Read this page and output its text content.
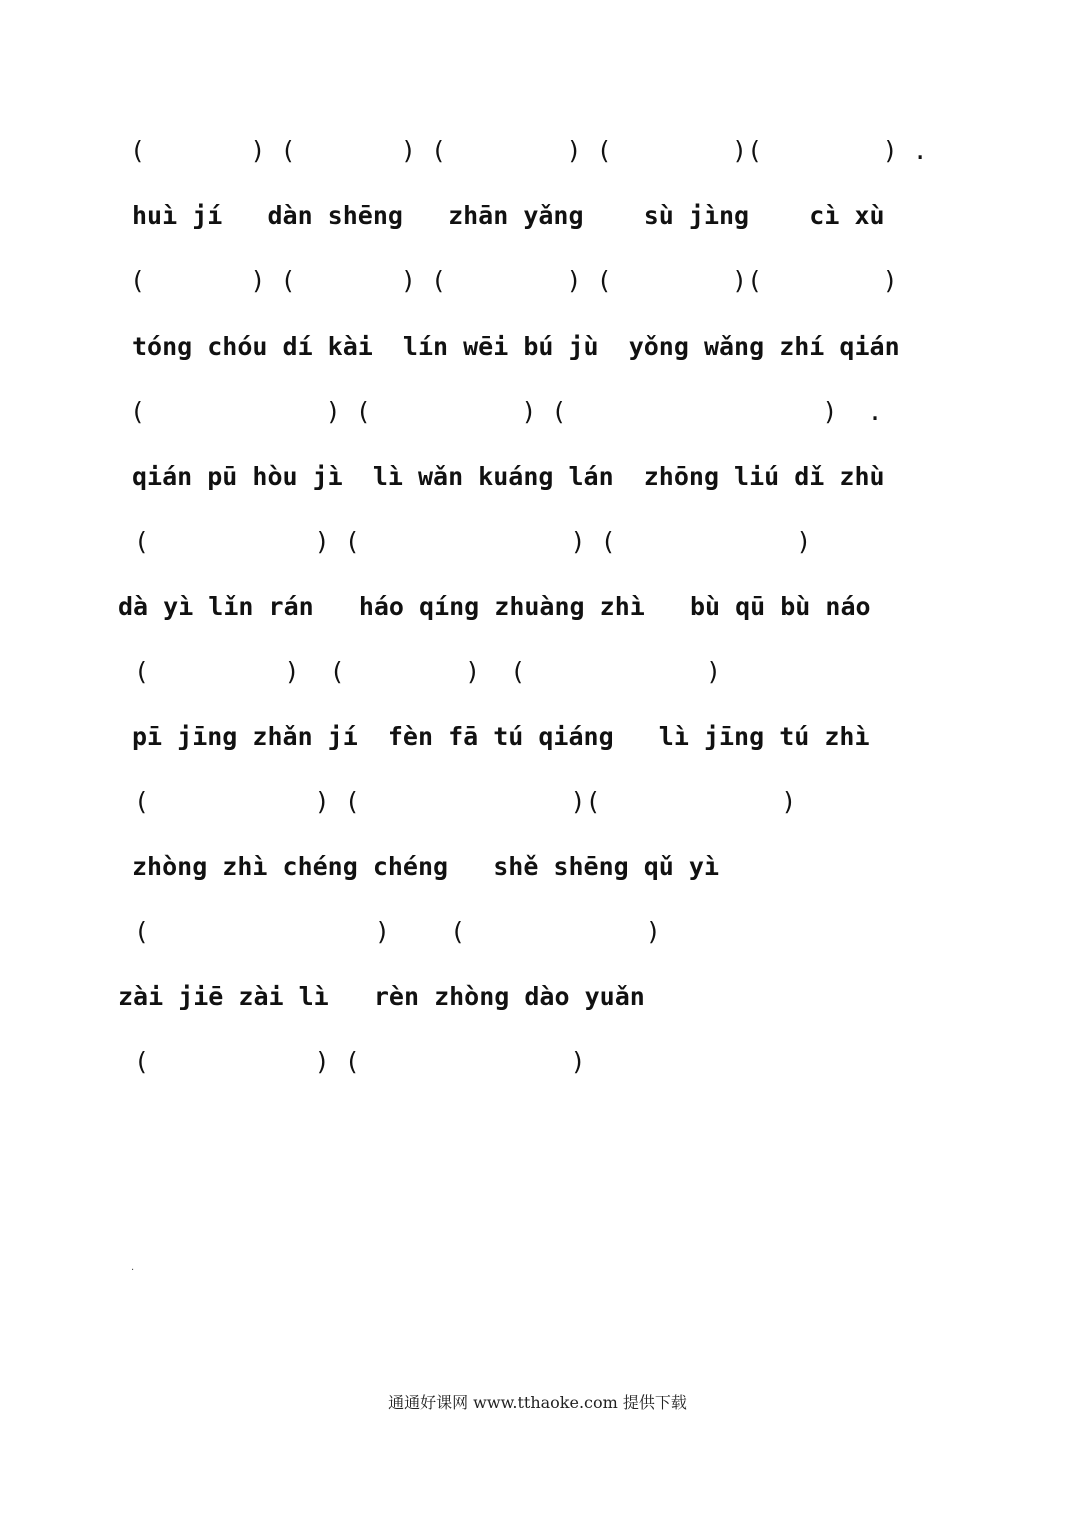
(       ) (       ) (        ) (        )(        ) .
huì jí   dàn shēng   zhān yǎng    sù jìng    cì xù
(       ) (       ) (        ) (        )(        )
tóng chóu dí kài  lín wēi bú jù  yǒng wǎng zhí qián
(            ) (          ) (                 )  .
qián pū hòu jì  lì wǎn kuáng lán  zhōng liú dǐ zhù
(           ) (              ) (            )
dà yì lǐn rán   háo qíng zhuàng zhì   bù qū bù náo
(         )  (        )  (            )
pī jīng zhǎn jí  fèn fā tú qiáng   lì jīng tú zhì
(           ) (              )(            )
zhòng zhì chéng chéng   shě shēng qǔ yì
(               )    (            )
zài jiē zài lì   rèn zhòng dào yuǎn
(           ) (              )
.
通通好课网 www.tthaoke.com 提供下载
